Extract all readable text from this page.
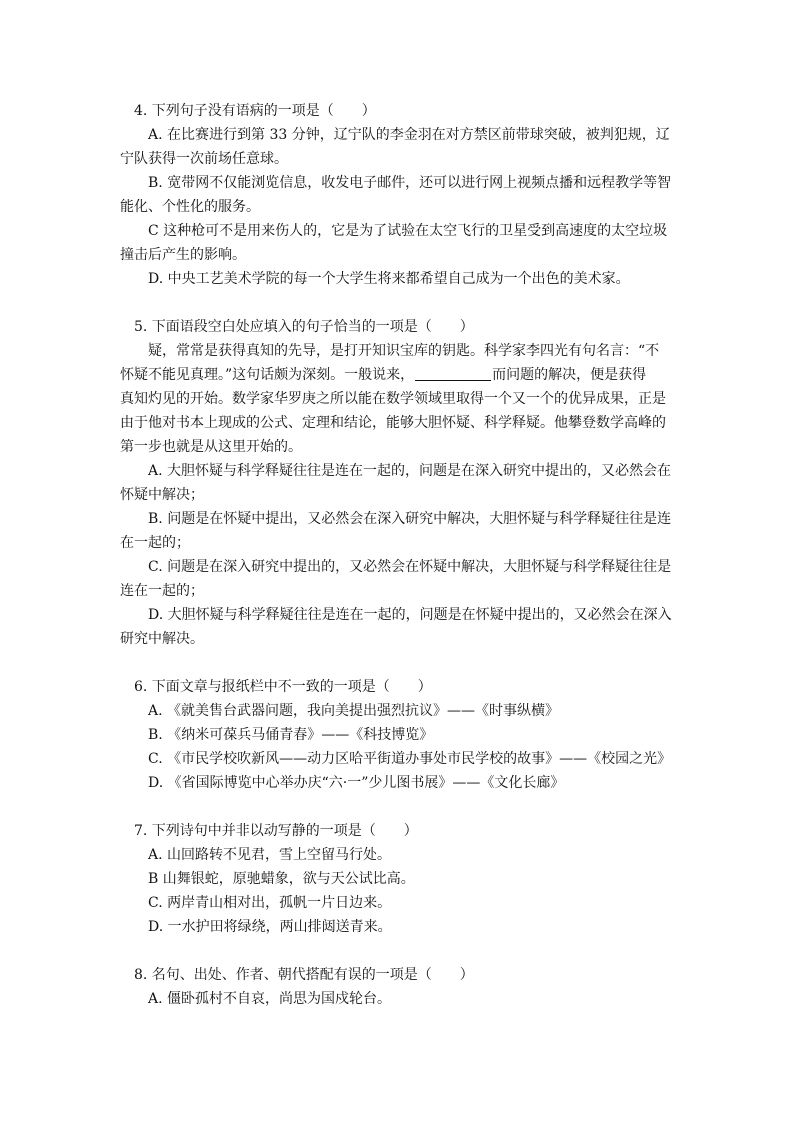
4. 下列句子没有语病的一项是（　　）
A. 在比赛进行到第 33 分钟，辽宁队的李金羽在对方禁区前带球突破，被判犯规，辽
宁队获得一次前场任意球。
B. 宽带网不仅能浏览信息，收发电子邮件，还可以进行网上视频点播和远程教学等智
能化、个性化的服务。
C 这种枪可不是用来伤人的，它是为了试验在太空飞行的卫星受到高速度的太空垃圾
撞击后产生的影响。
D. 中央工艺美术学院的每一个大学生将来都希望自己成为一个出色的美术家。
5. 下面语段空白处应填入的句子恰当的一项是（　　）
疑，常常是获得真知的先导，是打开知识宝库的钥匙。科学家李四光有句名言：“不
怀疑不能见真理。”这句话颇为深刻。一般说来，	而问题的解决，便是获得
真知灼见的开始。数学家华罗庚之所以能在数学领域里取得一个又一个的优异成果，正是
由于他对书本上现成的公式、定理和结论，能够大胆怀疑、科学释疑。他攀登数学高峰的
第一步也就是从这里开始的。
A. 大胆怀疑与科学释疑往往是连在一起的，问题是在深入研究中提出的，又必然会在
怀疑中解决；
B. 问题是在怀疑中提出，又必然会在深入研究中解决，大胆怀疑与科学释疑往往是连
在一起的；
C. 问题是在深入研究中提出的，又必然会在怀疑中解决，大胆怀疑与科学释疑往往是
连在一起的；
D. 大胆怀疑与科学释疑往往是连在一起的，问题是在怀疑中提出的，又必然会在深入
研究中解决。
6. 下面文章与报纸栏中不一致的一项是（　　）
A. 《就美售台武器问题，我向美提出强烈抗议》——《时事纵横》
B. 《纳米可葆兵马俑青春》——《科技博览》
C. 《市民学校吹新风——动力区哈平街道办事处市民学校的故事》——《校园之光》
D. 《省国际博览中心举办庆“六·一”少儿图书展》——《文化长廊》
7. 下列诗句中并非以动写静的一项是（　　）
A. 山回路转不见君，雪上空留马行处。
B 山舞银蛇，原驰蜡象，欲与天公试比高。
C. 两岸青山相对出，孤帆一片日边来。
D. 一水护田将绿绕，两山排闼送青来。
8. 名句、出处、作者、朝代搭配有误的一项是（　　）
A. 僵卧孤村不自哀，尚思为国戍轮台。
